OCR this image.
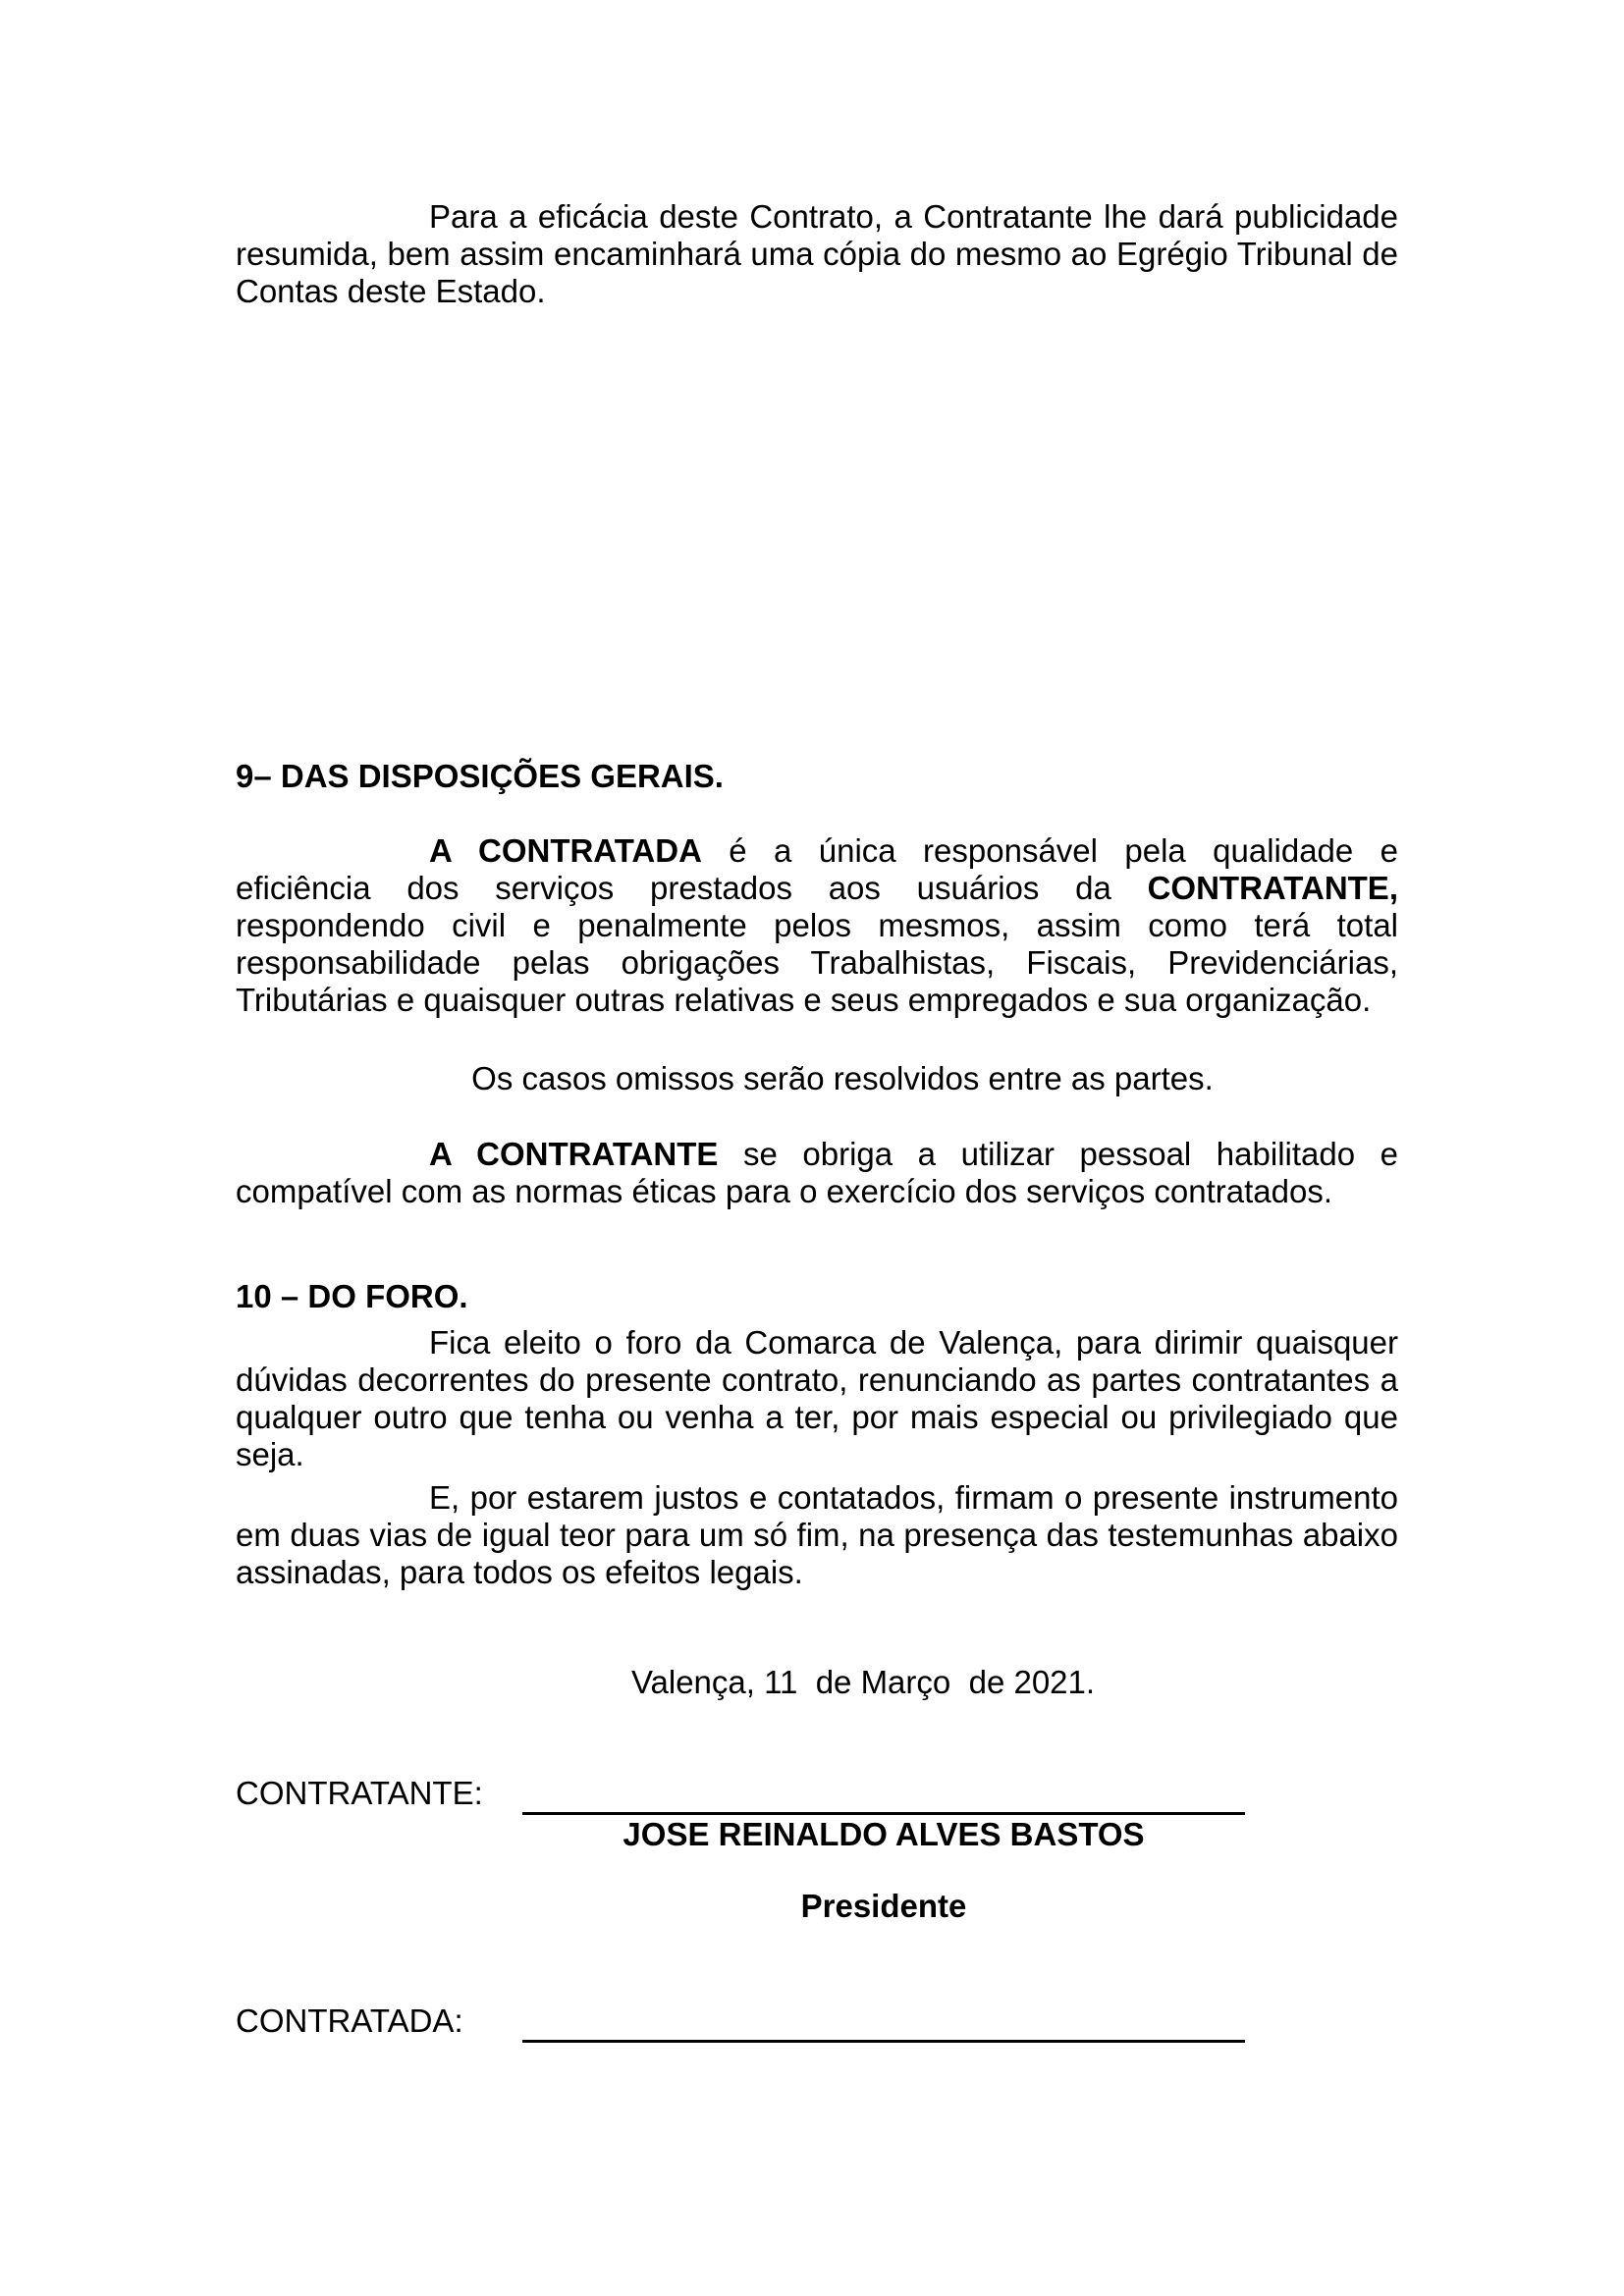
Para a eficácia deste Contrato, a Contratante lhe dará publicidade resumida, bem assim encaminhará uma cópia do mesmo ao Egrégio Tribunal de Contas deste Estado.

9– DAS DISPOSIÇÕES GERAIS.

A CONTRATADA é a única responsável pela qualidade e eficiência dos serviços prestados aos usuários da CONTRATANTE, respondendo civil e penalmente pelos mesmos, assim como terá total responsabilidade pelas obrigações Trabalhistas, Fiscais, Previdenciárias, Tributárias e quaisquer outras relativas e seus empregados e sua organização.

Os casos omissos serão resolvidos entre as partes.

A CONTRATANTE se obriga a utilizar pessoal habilitado e compatível com as normas éticas para o exercício dos serviços contratados.

10 – DO FORO.

Fica eleito o foro da Comarca de Valença, para dirimir quaisquer dúvidas decorrentes do presente contrato, renunciando as partes contratantes a qualquer outro que tenha ou venha a ter, por mais especial ou privilegiado que seja.

E, por estarem justos e contatados, firmam o presente instrumento em duas vias de igual teor para um só fim, na presença das testemunhas abaixo assinadas, para todos os efeitos legais.

Valença, 11  de Março  de 2021.

CONTRATANTE:

JOSE REINALDO ALVES BASTOS

Presidente

CONTRATADA:
